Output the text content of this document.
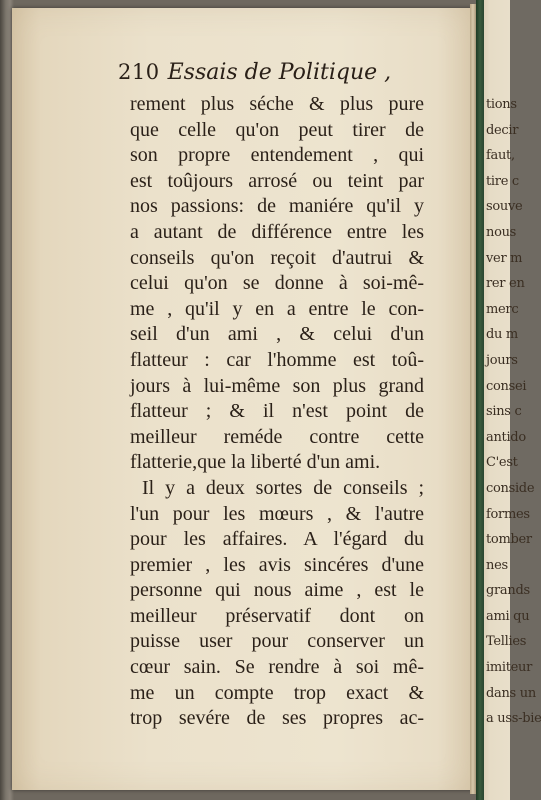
tions
decir
faut,
tire c
souve
nous
ver m
rer en
merc
du m
jours
consei
sins c
antido
C'est
conside
formes
tomber
nes
grands
ami qu
Tellies
imiteur
dans un
a uss-bie
210 Essais de Politique ,
rement plus séche & plus pure
que celle qu'on peut tirer de
son propre entendement , qui
est toûjours arrosé ou teint par
nos passions: de maniére qu'il y
a autant de différence entre les
conseils qu'on reçoit d'autrui &
celui qu'on se donne à soi-mê-
me , qu'il y en a entre le con-
seil d'un ami , & celui d'un
flatteur : car l'homme est toû-
jours à lui-même son plus grand
flatteur ; & il n'est point de
meilleur reméde contre cette
flatterie,que la liberté d'un ami.
Il y a deux sortes de conseils ;
l'un pour les mœurs , & l'autre
pour les affaires. A l'égard du
premier , les avis sincéres d'une
personne qui nous aime , est le
meilleur préservatif dont on
puisse user pour conserver un
cœur sain. Se rendre à soi mê-
me un compte trop exact &
trop sevére de ses propres ac-
